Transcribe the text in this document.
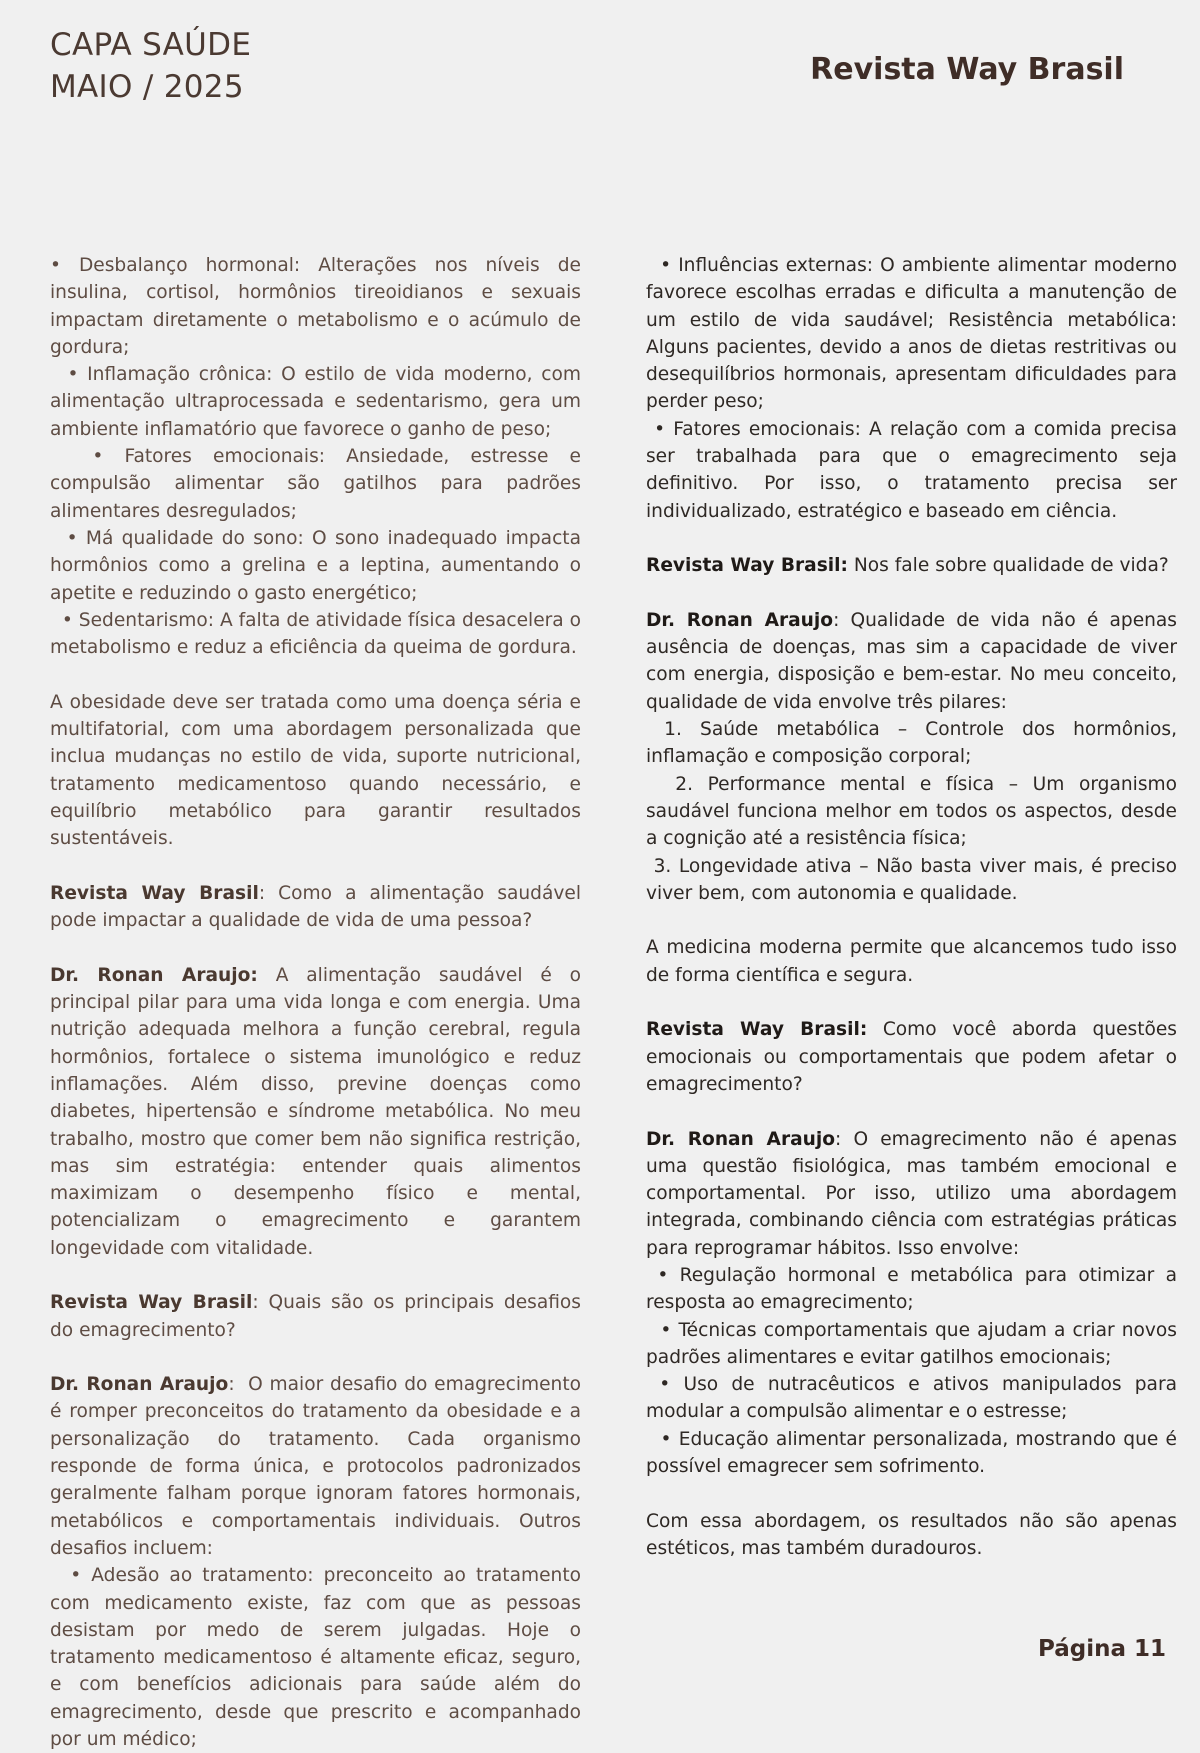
CAPA SAÚDE
MAIO / 2025	Revista Way Brasil

• Desbalanço hormonal: Alterações nos níveis de insulina, cortisol, hormônios tireoidianos e sexuais impactam diretamente o metabolismo e o acúmulo de gordura;

• Inflamação crônica: O estilo de vida moderno, com alimentação ultraprocessada e sedentarismo, gera um ambiente inflamatório que favorece o ganho de peso;

• Fatores emocionais: Ansiedade, estresse e compulsão alimentar são gatilhos para padrões alimentares desregulados;

• Má qualidade do sono: O sono inadequado impacta hormônios como a grelina e a leptina, aumentando o apetite e reduzindo o gasto energético;

• Sedentarismo: A falta de atividade física desacelera o metabolismo e reduz a eficiência da queima de gordura.

A obesidade deve ser tratada como uma doença séria e multifatorial, com uma abordagem personalizada que inclua mudanças no estilo de vida, suporte nutricional, tratamento medicamentoso quando necessário, e equilíbrio metabólico para garantir resultados sustentáveis.

Revista Way Brasil: Como a alimentação saudável pode impactar a qualidade de vida de uma pessoa?

Dr. Ronan Araujo: A alimentação saudável é o principal pilar para uma vida longa e com energia. Uma nutrição adequada melhora a função cerebral, regula hormônios, fortalece o sistema imunológico e reduz inflamações. Além disso, previne doenças como diabetes, hipertensão e síndrome metabólica. No meu trabalho, mostro que comer bem não significa restrição, mas sim estratégia: entender quais alimentos maximizam o desempenho físico e mental, potencializam o emagrecimento e garantem longevidade com vitalidade.

Revista Way Brasil: Quais são os principais desafios do emagrecimento?

Dr. Ronan Araujo:  O maior desafio do emagrecimento é romper preconceitos do tratamento da obesidade e a personalização do tratamento. Cada organismo responde de forma única, e protocolos padronizados geralmente falham porque ignoram fatores hormonais, metabólicos e comportamentais individuais. Outros desafios incluem:

• Adesão ao tratamento: preconceito ao tratamento com medicamento existe, faz com que as pessoas desistam por medo de serem julgadas. Hoje o tratamento medicamentoso é altamente eficaz, seguro, e com benefícios adicionais para saúde além do emagrecimento, desde que prescrito e acompanhado por um médico;

• Influências externas: O ambiente alimentar moderno favorece escolhas erradas e dificulta a manutenção de um estilo de vida saudável; Resistência metabólica: Alguns pacientes, devido a anos de dietas restritivas ou desequilíbrios hormonais, apresentam dificuldades para perder peso;

• Fatores emocionais: A relação com a comida precisa ser trabalhada para que o emagrecimento seja definitivo. Por isso, o tratamento precisa ser individualizado, estratégico e baseado em ciência.

Revista Way Brasil: Nos fale sobre qualidade de vida?

Dr. Ronan Araujo: Qualidade de vida não é apenas ausência de doenças, mas sim a capacidade de viver com energia, disposição e bem-estar. No meu conceito, qualidade de vida envolve três pilares:

1. Saúde metabólica – Controle dos hormônios, inflamação e composição corporal;

2. Performance mental e física – Um organismo saudável funciona melhor em todos os aspectos, desde a cognição até a resistência física;

3. Longevidade ativa – Não basta viver mais, é preciso viver bem, com autonomia e qualidade.

A medicina moderna permite que alcancemos tudo isso de forma científica e segura.

Revista Way Brasil: Como você aborda questões emocionais ou comportamentais que podem afetar o emagrecimento?

Dr. Ronan Araujo: O emagrecimento não é apenas uma questão fisiológica, mas também emocional e comportamental. Por isso, utilizo uma abordagem integrada, combinando ciência com estratégias práticas para reprogramar hábitos. Isso envolve:

• Regulação hormonal e metabólica para otimizar a resposta ao emagrecimento;

• Técnicas comportamentais que ajudam a criar novos padrões alimentares e evitar gatilhos emocionais;

• Uso de nutracêuticos e ativos manipulados para modular a compulsão alimentar e o estresse;

• Educação alimentar personalizada, mostrando que é possível emagrecer sem sofrimento.

Com essa abordagem, os resultados não são apenas estéticos, mas também duradouros.

Página 11
